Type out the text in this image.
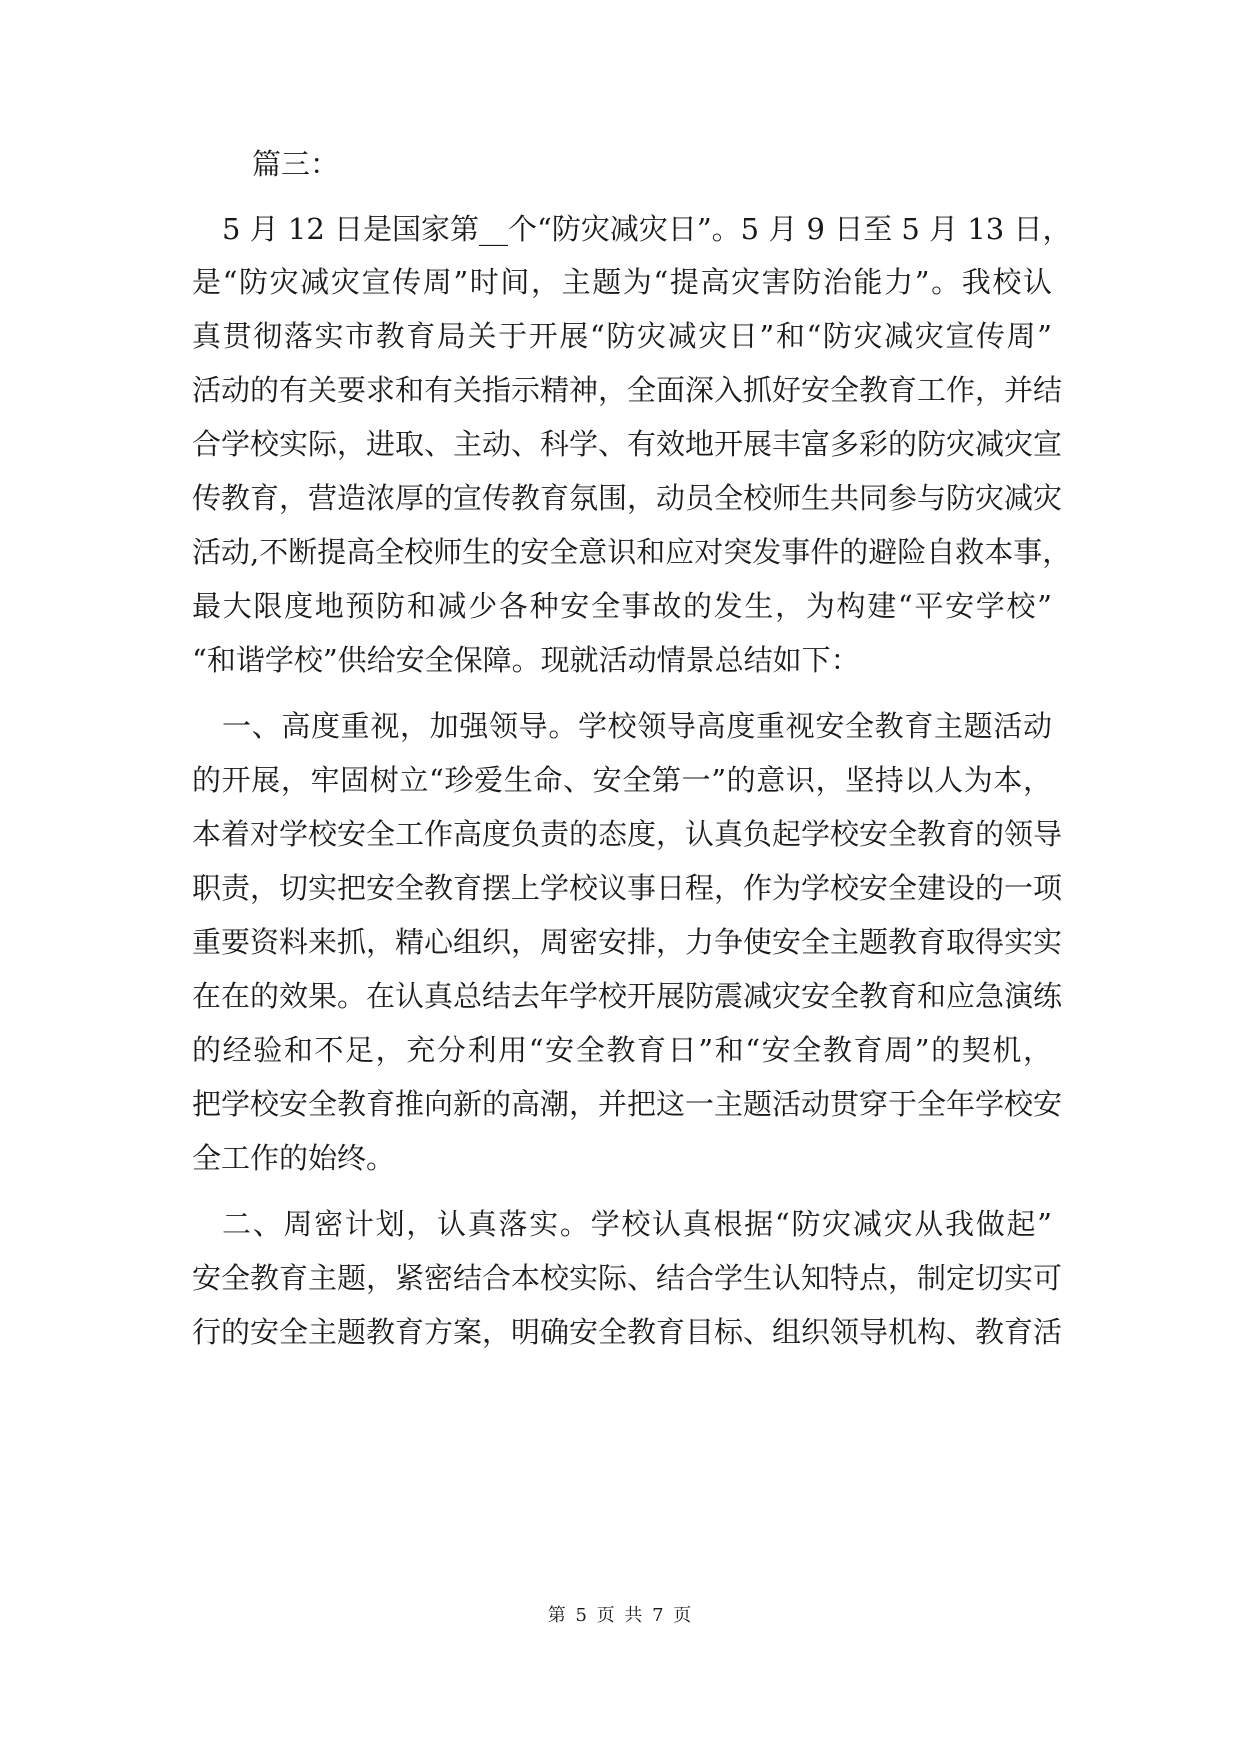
篇三：
5 月 12 日是国家第__个“防灾减灾日”。5 月 9 日至 5 月 13 日，
是“防灾减灾宣传周”时间，主题为“提高灾害防治能力”。我校认
真贯彻落实市教育局关于开展“防灾减灾日”和“防灾减灾宣传周”
活动的有关要求和有关指示精神，全面深入抓好安全教育工作，并结
合学校实际，进取、主动、科学、有效地开展丰富多彩的防灾减灾宣
传教育，营造浓厚的宣传教育氛围，动员全校师生共同参与防灾减灾
活动,不断提高全校师生的安全意识和应对突发事件的避险自救本事，
最大限度地预防和减少各种安全事故的发生，为构建“平安学校”
“和谐学校”供给安全保障。现就活动情景总结如下：
一、高度重视，加强领导。学校领导高度重视安全教育主题活动
的开展，牢固树立“珍爱生命、安全第一”的意识，坚持以人为本，
本着对学校安全工作高度负责的态度，认真负起学校安全教育的领导
职责，切实把安全教育摆上学校议事日程，作为学校安全建设的一项
重要资料来抓，精心组织，周密安排，力争使安全主题教育取得实实
在在的效果。在认真总结去年学校开展防震减灾安全教育和应急演练
的经验和不足，充分利用“安全教育日”和“安全教育周”的契机，
把学校安全教育推向新的高潮，并把这一主题活动贯穿于全年学校安
全工作的始终。
二、周密计划，认真落实。学校认真根据“防灾减灾从我做起”
安全教育主题，紧密结合本校实际、结合学生认知特点，制定切实可
行的安全主题教育方案，明确安全教育目标、组织领导机构、教育活
第 5 页 共 7 页
